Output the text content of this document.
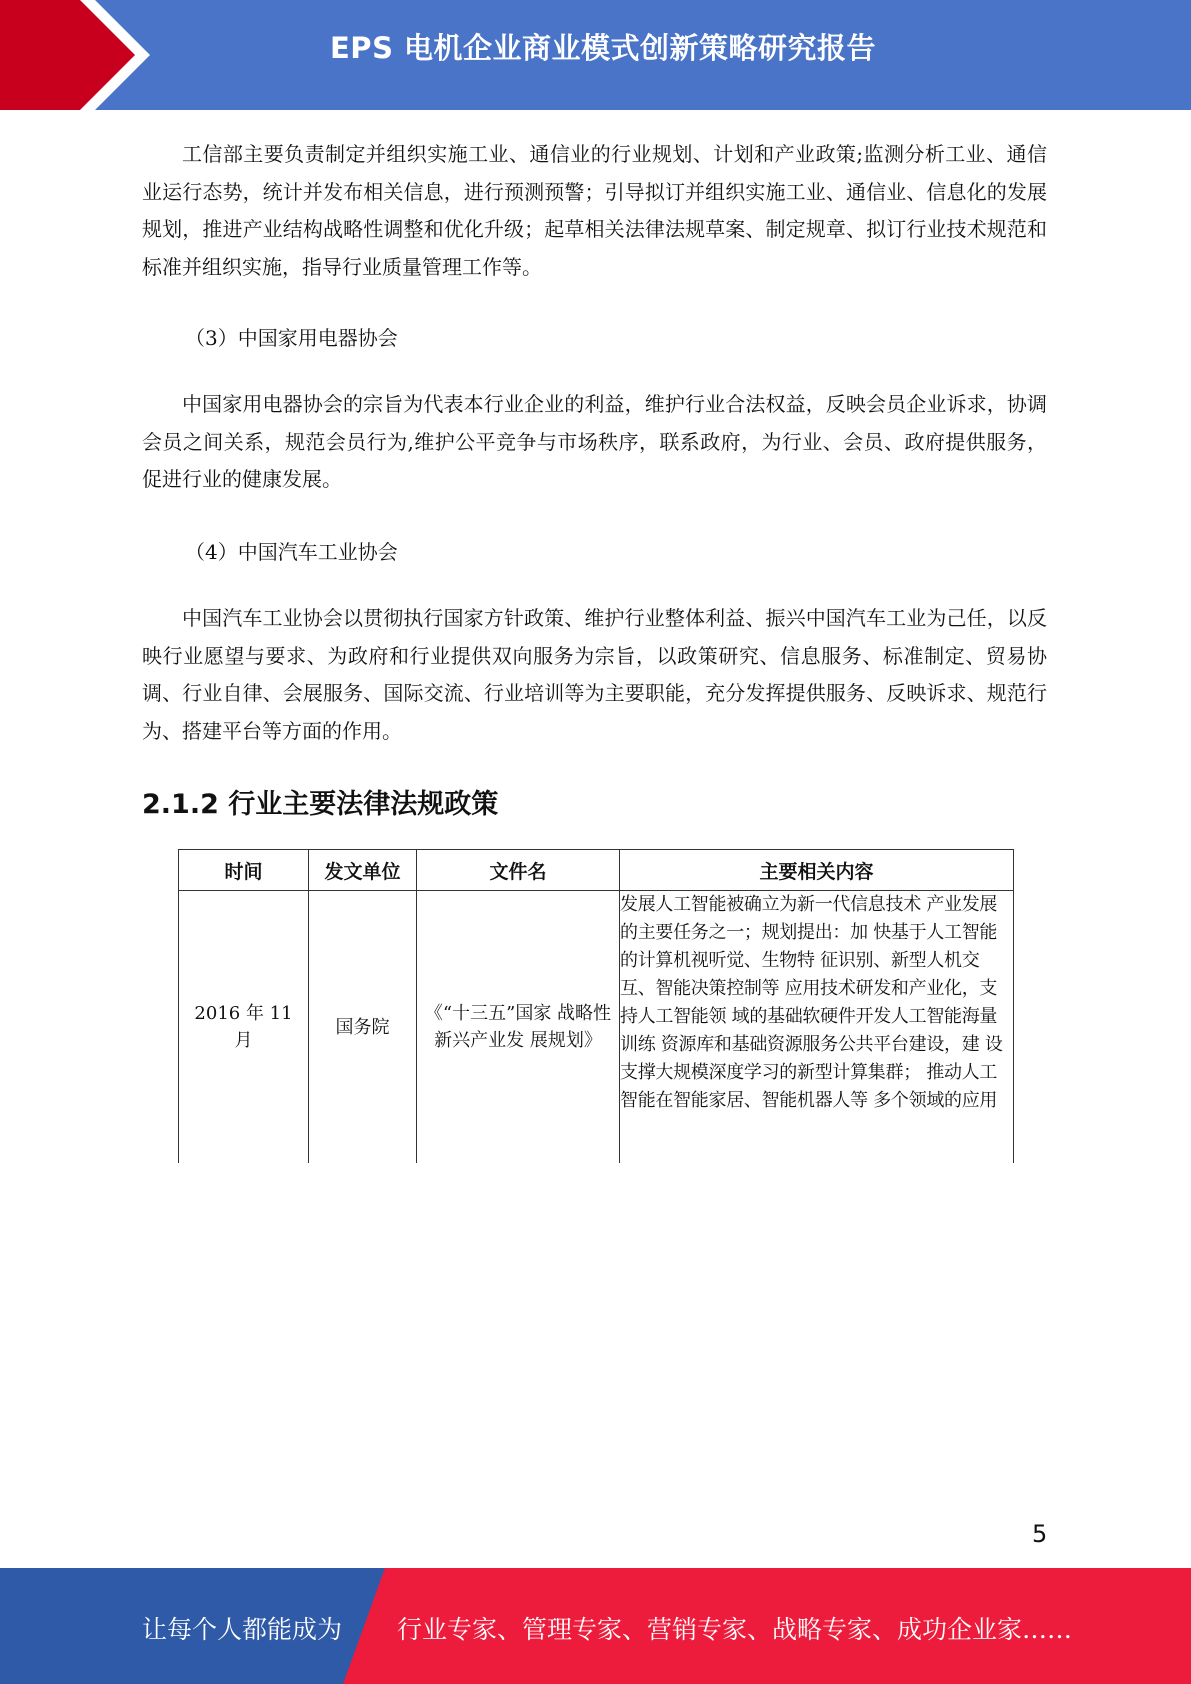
EPS 电机企业商业模式创新策略研究报告

工信部主要负责制定并组织实施工业、通信业的行业规划、计划和产业政策;监测分析工业、通信业运行态势，统计并发布相关信息，进行预测预警；引导拟订并组织实施工业、通信业、信息化的发展规划，推进产业结构战略性调整和优化升级；起草相关法律法规草案、制定规章、拟订行业技术规范和标准并组织实施，指导行业质量管理工作等。

（3）中国家用电器协会

中国家用电器协会的宗旨为代表本行业企业的利益，维护行业合法权益，反映会员企业诉求，协调会员之间关系，规范会员行为,维护公平竞争与市场秩序，联系政府，为行业、会员、政府提供服务，促进行业的健康发展。

（4）中国汽车工业协会

中国汽车工业协会以贯彻执行国家方针政策、维护行业整体利益、振兴中国汽车工业为己任，以反映行业愿望与要求、为政府和行业提供双向服务为宗旨，以政策研究、信息服务、标准制定、贸易协调、行业自律、会展服务、国际交流、行业培训等为主要职能，充分发挥提供服务、反映诉求、规范行为、搭建平台等方面的作用。

2.1.2 行业主要法律法规政策
时间	发文单位	文件名	主要相关内容
2016 年 11 月	国务院	《“十三五”国家 战略性新兴产业发 展规划》	发展人工智能被确立为新一代信息技术 产业发展的主要任务之一；规划提出：加 快基于人工智能的计算机视听觉、生物特 征识别、新型人机交互、智能决策控制等 应用技术研发和产业化，支持人工智能领 域的基础软硬件开发人工智能海量训练 资源库和基础资源服务公共平台建设，建 设支撑大规模深度学习的新型计算集群； 推动人工智能在智能家居、智能机器人等 多个领域的应用
5
让每个人都能成为 行业专家、管理专家、营销专家、战略专家、成功企业家……
